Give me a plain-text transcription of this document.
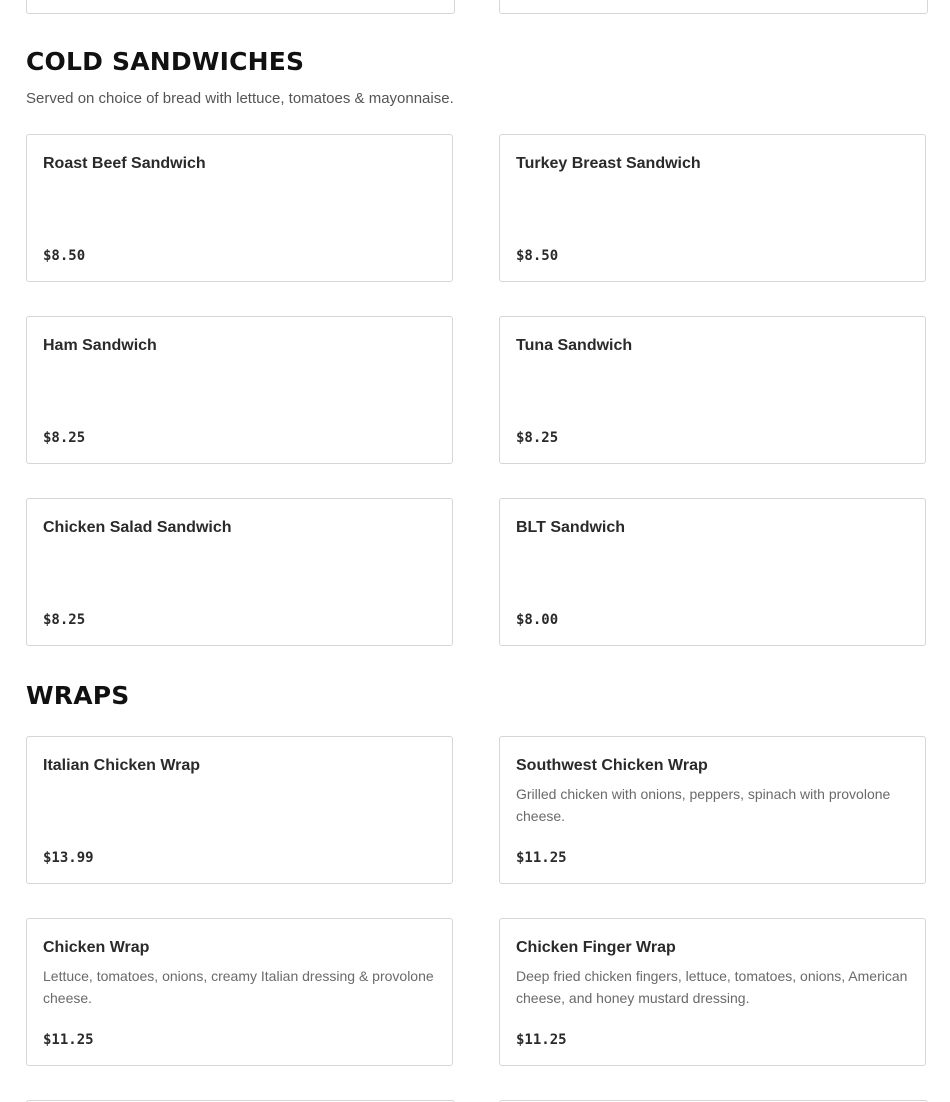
COLD SANDWICHES

Served on choice of bread with lettuce, tomatoes & mayonnaise.

Roast Beef Sandwich
$8.50
Turkey Breast Sandwich
$8.50
Ham Sandwich
$8.25
Tuna Sandwich
$8.25
Chicken Salad Sandwich
$8.25
BLT Sandwich
$8.00
WRAPS
Italian Chicken Wrap
$13.99
Southwest Chicken Wrap
Grilled chicken with onions, peppers, spinach with provolone cheese.
$11.25
Chicken Wrap
Lettuce, tomatoes, onions, creamy Italian dressing & provolone cheese.
$11.25
Chicken Finger Wrap
Deep fried chicken fingers, lettuce, tomatoes, onions, American cheese, and honey mustard dressing.
$11.25
